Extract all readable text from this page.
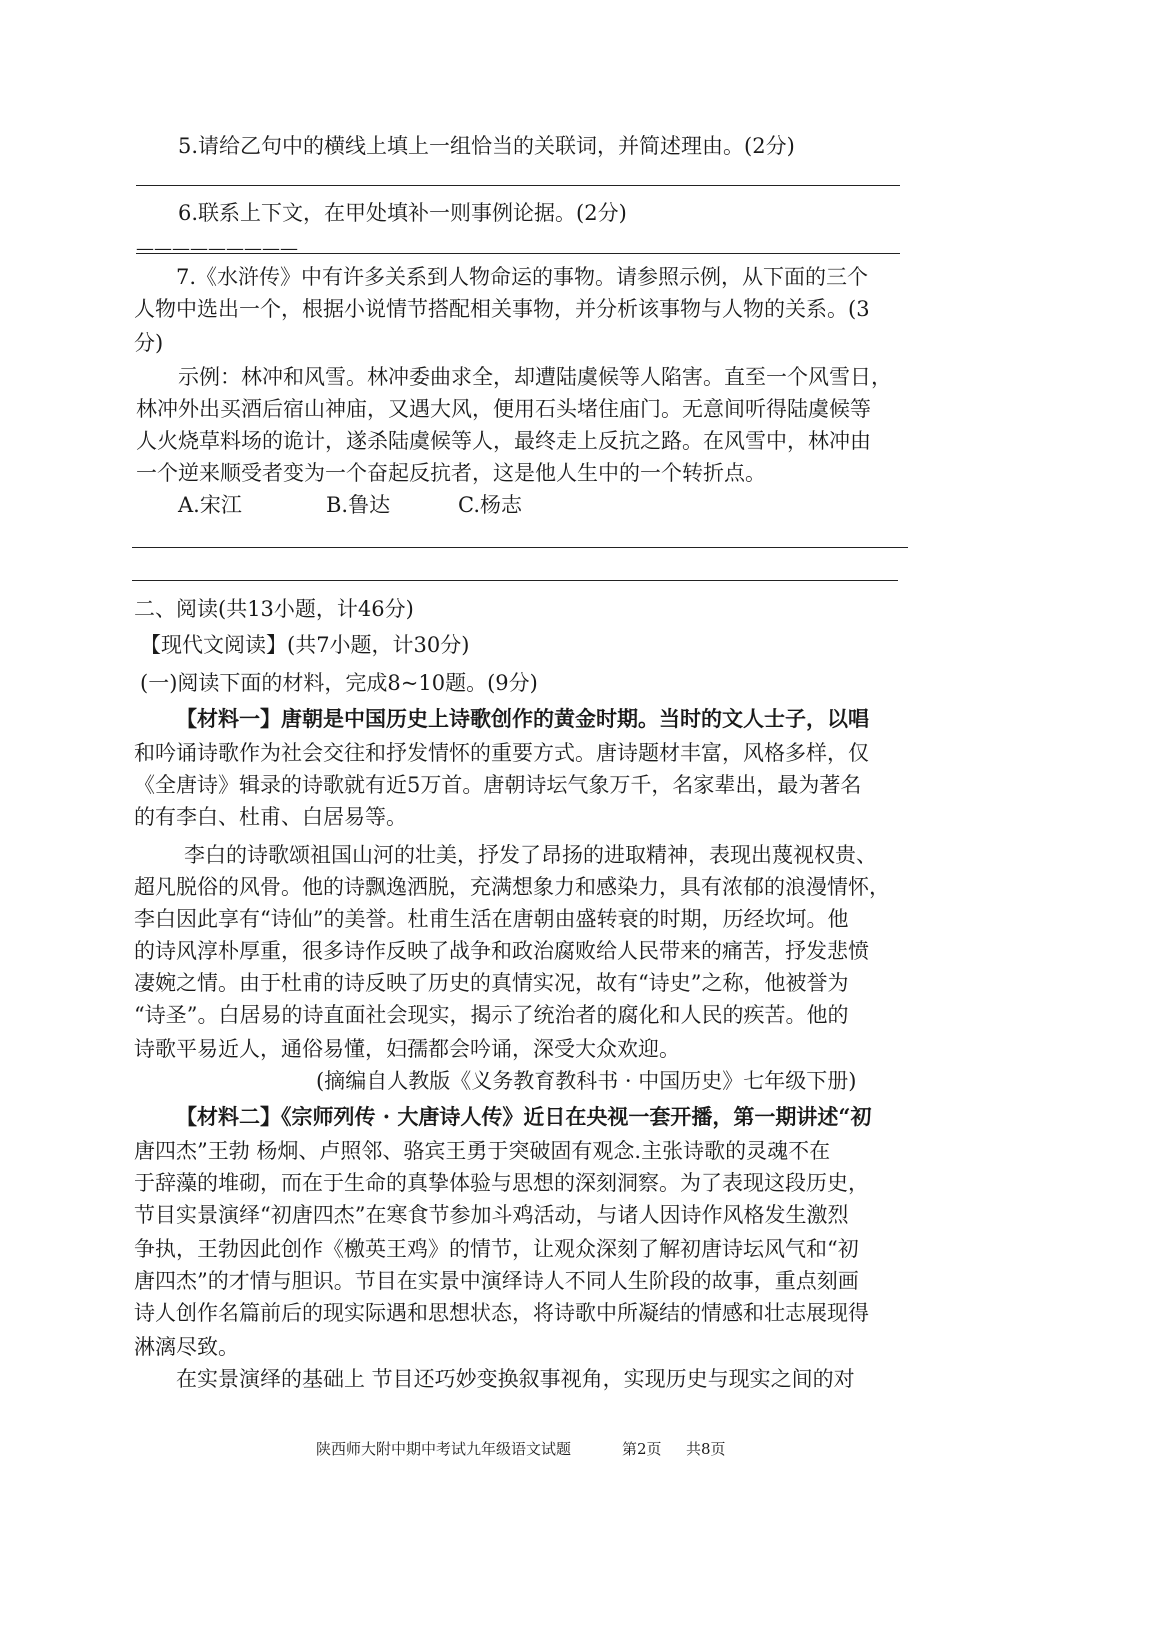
5.请给乙句中的横线上填上一组恰当的关联词，并简述理由。(2分)
6.联系上下文，在甲处填补一则事例论据。(2分)
—————————
7.《水浒传》中有许多关系到人物命运的事物。请参照示例，从下面的三个
人物中选出一个，根据小说情节搭配相关事物，并分析该事物与人物的关系。(3
分)
示例：林冲和风雪。林冲委曲求全，却遭陆虞候等人陷害。直至一个风雪日，
林冲外出买酒后宿山神庙，又遇大风，便用石头堵住庙门。无意间听得陆虞候等
人火烧草料场的诡计，遂杀陆虞候等人，最终走上反抗之路。在风雪中，林冲由
一个逆来顺受者变为一个奋起反抗者，这是他人生中的一个转折点。
A.宋江	B.鲁达	C.杨志
二、阅读(共13小题，计46分)
【现代文阅读】(共7小题，计30分)
(一)阅读下面的材料，完成8~10题。(9分)
【材料一】唐朝是中国历史上诗歌创作的黄金时期。当时的文人士子，以唱
和吟诵诗歌作为社会交往和抒发情怀的重要方式。唐诗题材丰富，风格多样，仅
《全唐诗》辑录的诗歌就有近5万首。唐朝诗坛气象万千，名家辈出，最为著名
的有李白、杜甫、白居易等。
李白的诗歌颂祖国山河的壮美，抒发了昂扬的进取精神，表现出蔑视权贵、
超凡脱俗的风骨。他的诗飘逸洒脱，充满想象力和感染力，具有浓郁的浪漫情怀，
李白因此享有“诗仙”的美誉。杜甫生活在唐朝由盛转衰的时期，历经坎坷。他
的诗风淳朴厚重，很多诗作反映了战争和政治腐败给人民带来的痛苦，抒发悲愤
凄婉之情。由于杜甫的诗反映了历史的真情实况，故有“诗史”之称，他被誉为
“诗圣”。白居易的诗直面社会现实，揭示了统治者的腐化和人民的疾苦。他的
诗歌平易近人，通俗易懂，妇孺都会吟诵，深受大众欢迎。
(摘编自人教版《义务教育教科书 · 中国历史》七年级下册)
【材料二】《宗师列传 · 大唐诗人传》近日在央视一套开播，第一期讲述“初
唐四杰”王勃 杨炯、卢照邻、骆宾王勇于突破固有观念.主张诗歌的灵魂不在
于辞藻的堆砌，而在于生命的真挚体验与思想的深刻洞察。为了表现这段历史，
节目实景演绎“初唐四杰”在寒食节参加斗鸡活动，与诸人因诗作风格发生激烈
争执，王勃因此创作《檄英王鸡》的情节，让观众深刻了解初唐诗坛风气和“初
唐四杰”的才情与胆识。节目在实景中演绎诗人不同人生阶段的故事，重点刻画
诗人创作名篇前后的现实际遇和思想状态，将诗歌中所凝结的情感和壮志展现得
淋漓尽致。
在实景演绎的基础上 节目还巧妙变换叙事视角，实现历史与现实之间的对
陕西师大附中期中考试九年级语文试题	第2页 共8页
